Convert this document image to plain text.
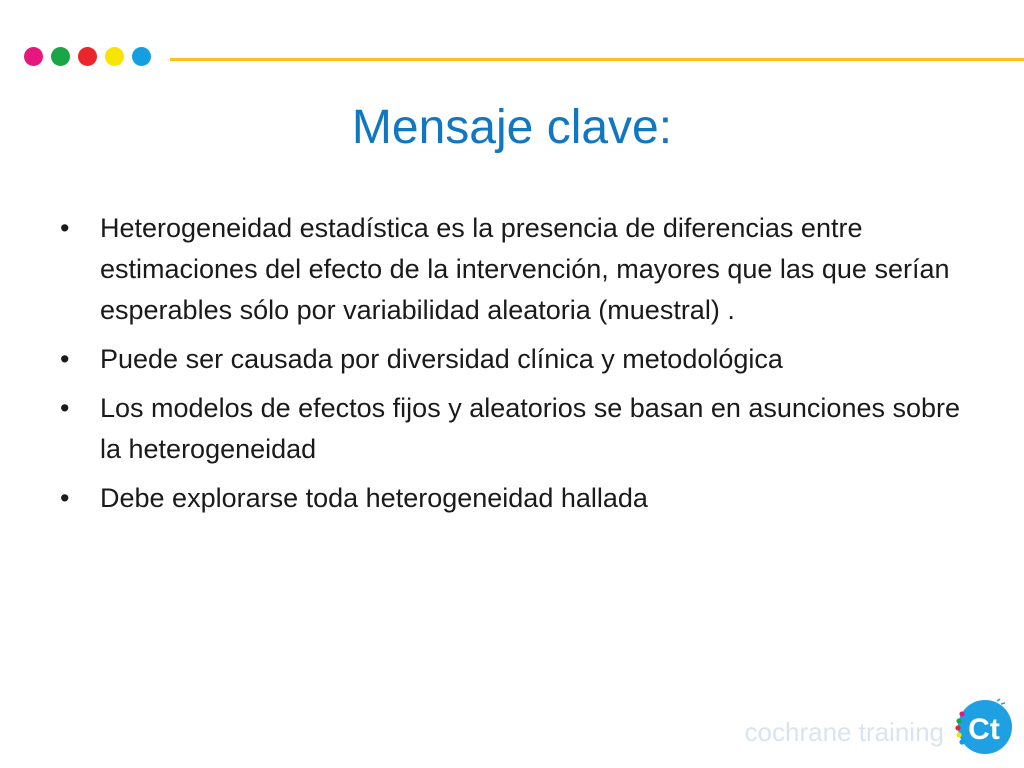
Mensaje clave:
•	Heterogeneidad estadística es la presencia de diferencias entre estimaciones del efecto de la intervención, mayores que las que serían esperables sólo por variabilidad aleatoria (muestral) .
•	Puede ser causada por diversidad clínica y metodológica
•	Los modelos de efectos fijos y aleatorios se basan en asunciones sobre la heterogeneidad
•	Debe explorarse toda heterogeneidad hallada
cochrane training Ct
